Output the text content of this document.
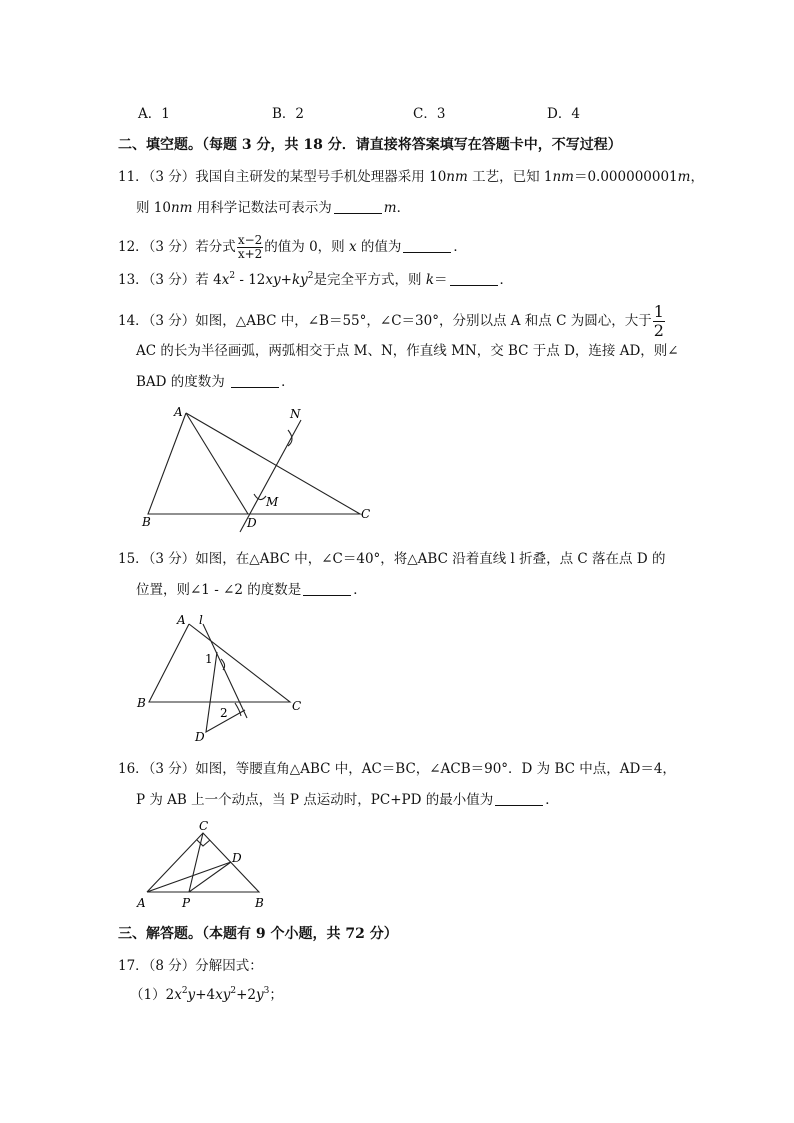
A．1	B．2	C．3	D．4
二、填空题。（每题 3 分，共 18 分．请直接将答案填写在答题卡中，不写过程）
11．（3 分）我国自主研发的某型号手机处理器采用 10nm 工艺，已知 1nm＝0.000000001m，
则 10nm 用科学记数法可表示为	m．
12．（3 分）若分式 $\frac{x-2}{x+2}$ 的值为 0，则 x 的值为	．
13．（3 分）若 $4x^2 - 12xy+ky^2$是完全平方式，则 k＝	．
14．（3 分）如图，△ABC 中，∠B＝55°，∠C＝30°，分别以点 A 和点 C 为圆心，大于 $\frac{1}{2}$
AC 的长为半径画弧，两弧相交于点 M、N，作直线 MN，交 BC 于点 D，连接 AD，则∠
BAD 的度数为	．
A
B
C
D
M
N
15．（3 分）如图，在△ABC 中，∠C＝40°，将△ABC 沿着直线 l 折叠，点 C 落在点 D 的
位置，则∠1 - ∠2 的度数是	．
A
B	C
D
l
1
2
16．（3 分）如图，等腰直角△ABC 中，AC＝BC，∠ACB＝90°．D 为 BC 中点，AD＝4，
P 为 AB 上一个动点，当 P 点运动时，PC+PD 的最小值为	．
C
D
A	P	B
三、解答题。（本题有 9 个小题，共 72 分）
17．（8 分）分解因式：
$(1)2x^2y+4xy^2+2y^3$；
